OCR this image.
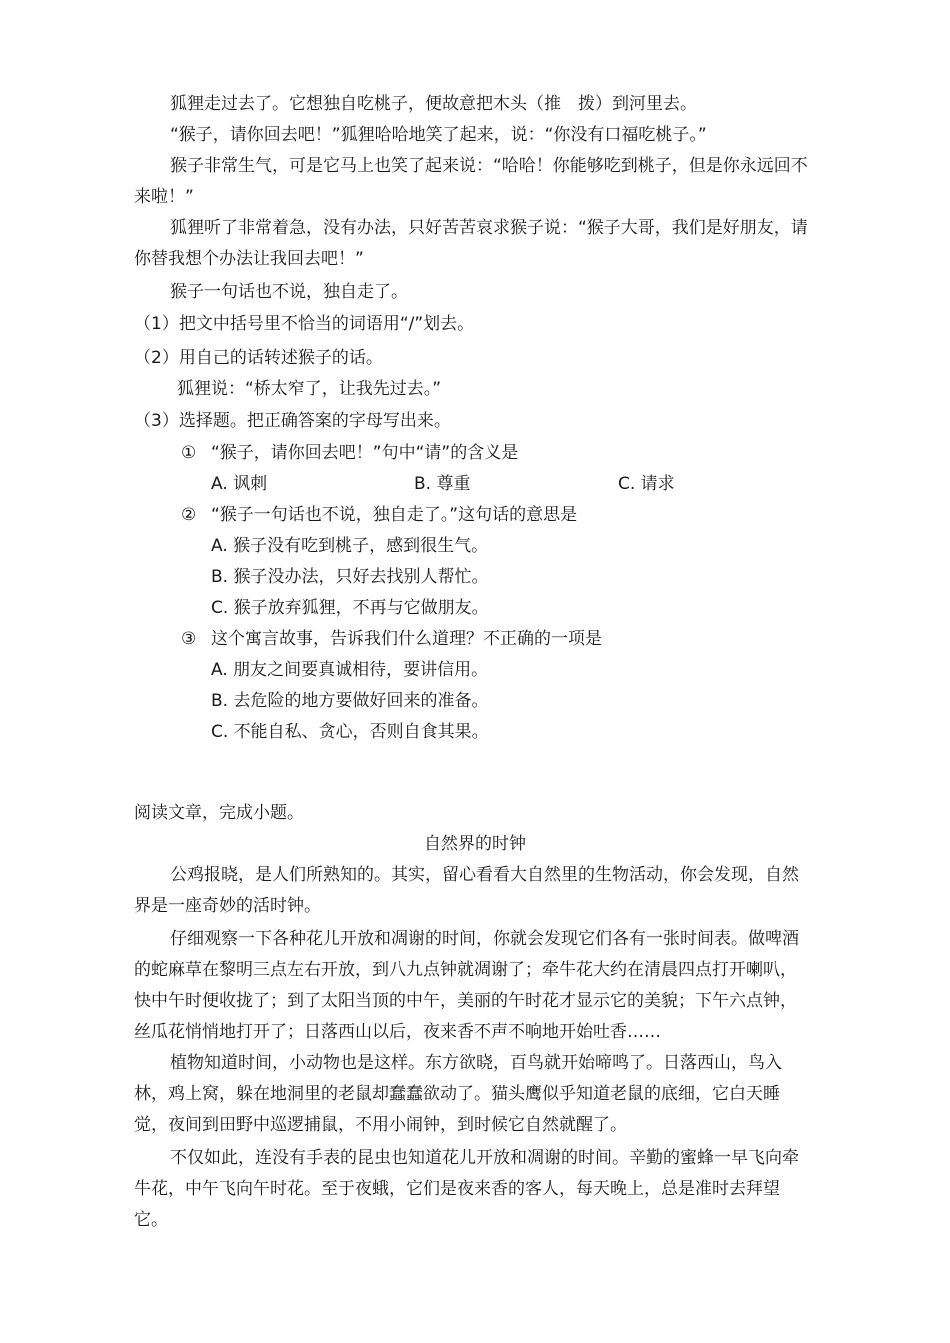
狐狸走过去了。它想独自吃桃子，便故意把木头（推　拨）到河里去。
“猴子，请你回去吧！”狐狸哈哈地笑了起来，说：“你没有口福吃桃子。”
猴子非常生气，可是它马上也笑了起来说：“哈哈！你能够吃到桃子，但是你永远回不
来啦！”
狐狸听了非常着急，没有办法，只好苦苦哀求猴子说：“猴子大哥，我们是好朋友，请
你替我想个办法让我回去吧！”
猴子一句话也不说，独自走了。
（1）把文中括号里不恰当的词语用“/”划去。
（2）用自己的话转述猴子的话。
狐狸说：“桥太窄了，让我先过去。”
（3）选择题。把正确答案的字母写出来。
① “猴子，请你回去吧！”句中“请”的含义是
A. 讽刺	B. 尊重	C. 请求
② “猴子一句话也不说，独自走了。”这句话的意思是
A. 猴子没有吃到桃子，感到很生气。
B. 猴子没办法，只好去找别人帮忙。
C. 猴子放弃狐狸，不再与它做朋友。
③ 这个寓言故事，告诉我们什么道理？不正确的一项是
A. 朋友之间要真诚相待，要讲信用。
B. 去危险的地方要做好回来的准备。
C. 不能自私、贪心，否则自食其果。
阅读文章，完成小题。
自然界的时钟
公鸡报晓，是人们所熟知的。其实，留心看看大自然里的生物活动，你会发现，自然
界是一座奇妙的活时钟。
仔细观察一下各种花儿开放和凋谢的时间，你就会发现它们各有一张时间表。做啤酒
的蛇麻草在黎明三点左右开放，到八九点钟就凋谢了；牵牛花大约在清晨四点打开喇叭，
快中午时便收拢了；到了太阳当顶的中午，美丽的午时花才显示它的美貌；下午六点钟，
丝瓜花悄悄地打开了；日落西山以后，夜来香不声不响地开始吐香……
植物知道时间，小动物也是这样。东方欲晓，百鸟就开始啼鸣了。日落西山，鸟入
林，鸡上窝，躲在地洞里的老鼠却蠢蠢欲动了。猫头鹰似乎知道老鼠的底细，它白天睡
觉，夜间到田野中巡逻捕鼠，不用小闹钟，到时候它自然就醒了。
不仅如此，连没有手表的昆虫也知道花儿开放和凋谢的时间。辛勤的蜜蜂一早飞向牵
牛花，中午飞向午时花。至于夜蛾，它们是夜来香的客人，每天晚上，总是准时去拜望
它。
